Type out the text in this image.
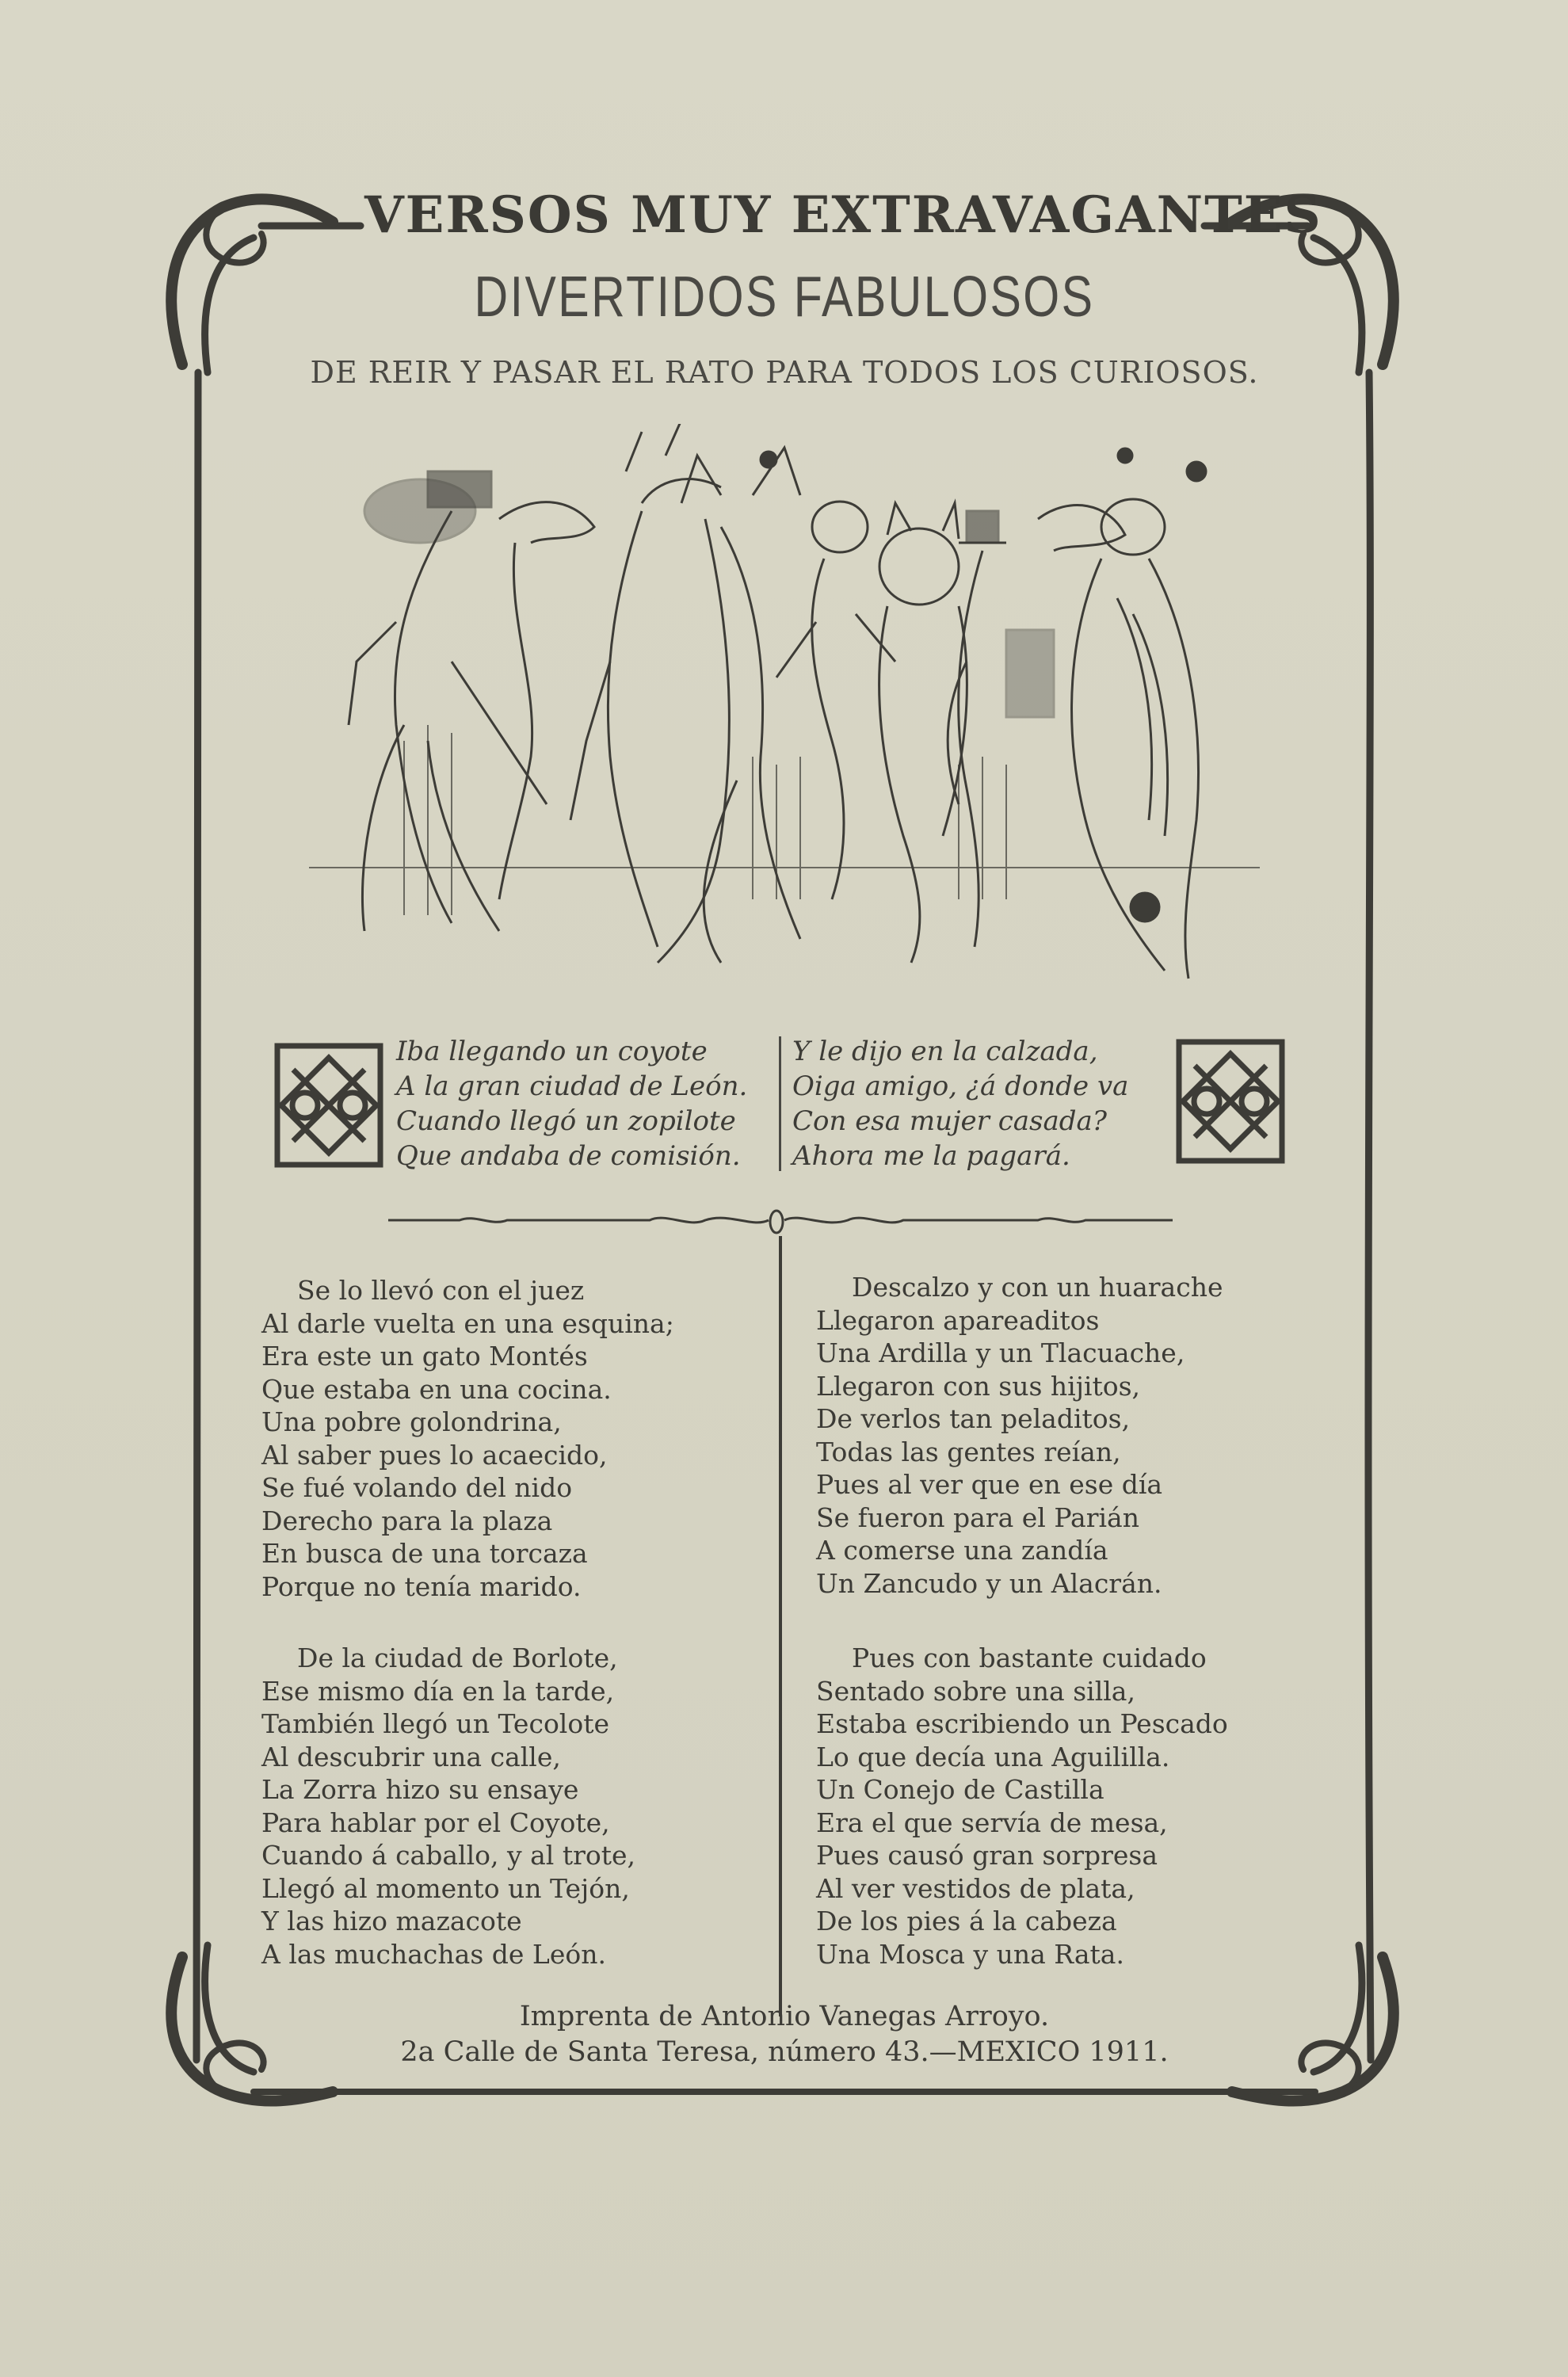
VERSOS MUY EXTRAVAGANTES
DIVERTIDOS FABULOSOS
DE REIR Y PASAR EL RATO PARA TODOS LOS CURIOSOS.
Iba llegando un coyote
A la gran ciudad de León.
Cuando llegó un zopilote
Que andaba de comisión.
Y le dijo en la calzada,
Oiga amigo, ¿á donde va
Con esa mujer casada?
Ahora me la pagará.
Se lo llevó con el juez
Al darle vuelta en una esquina;
Era este un gato Montés
Que estaba en una cocina.
Una pobre golondrina,
Al saber pues lo acaecido,
Se fué volando del nido
Derecho para la plaza
En busca de una torcaza
Porque no tenía marido.
De la ciudad de Borlote,
Ese mismo día en la tarde,
También llegó un Tecolote
Al descubrir una calle,
La Zorra hizo su ensaye
Para hablar por el Coyote,
Cuando á caballo, y al trote,
Llegó al momento un Tejón,
Y las hizo mazacote
A las muchachas de León.
Descalzo y con un huarache
Llegaron apareaditos
Una Ardilla y un Tlacuache,
Llegaron con sus hijitos,
De verlos tan peladitos,
Todas las gentes reían,
Pues al ver que en ese día
Se fueron para el Parián
A comerse una zandía
Un Zancudo y un Alacrán.
Pues con bastante cuidado
Sentado sobre una silla,
Estaba escribiendo un Pescado
Lo que decía una Aguililla.
Un Conejo de Castilla
Era el que servía de mesa,
Pues causó gran sorpresa
Al ver vestidos de plata,
De los pies á la cabeza
Una Mosca y una Rata.
Imprenta de Antonio Vanegas Arroyo.
2a Calle de Santa Teresa, número 43.—MEXICO 1911.
